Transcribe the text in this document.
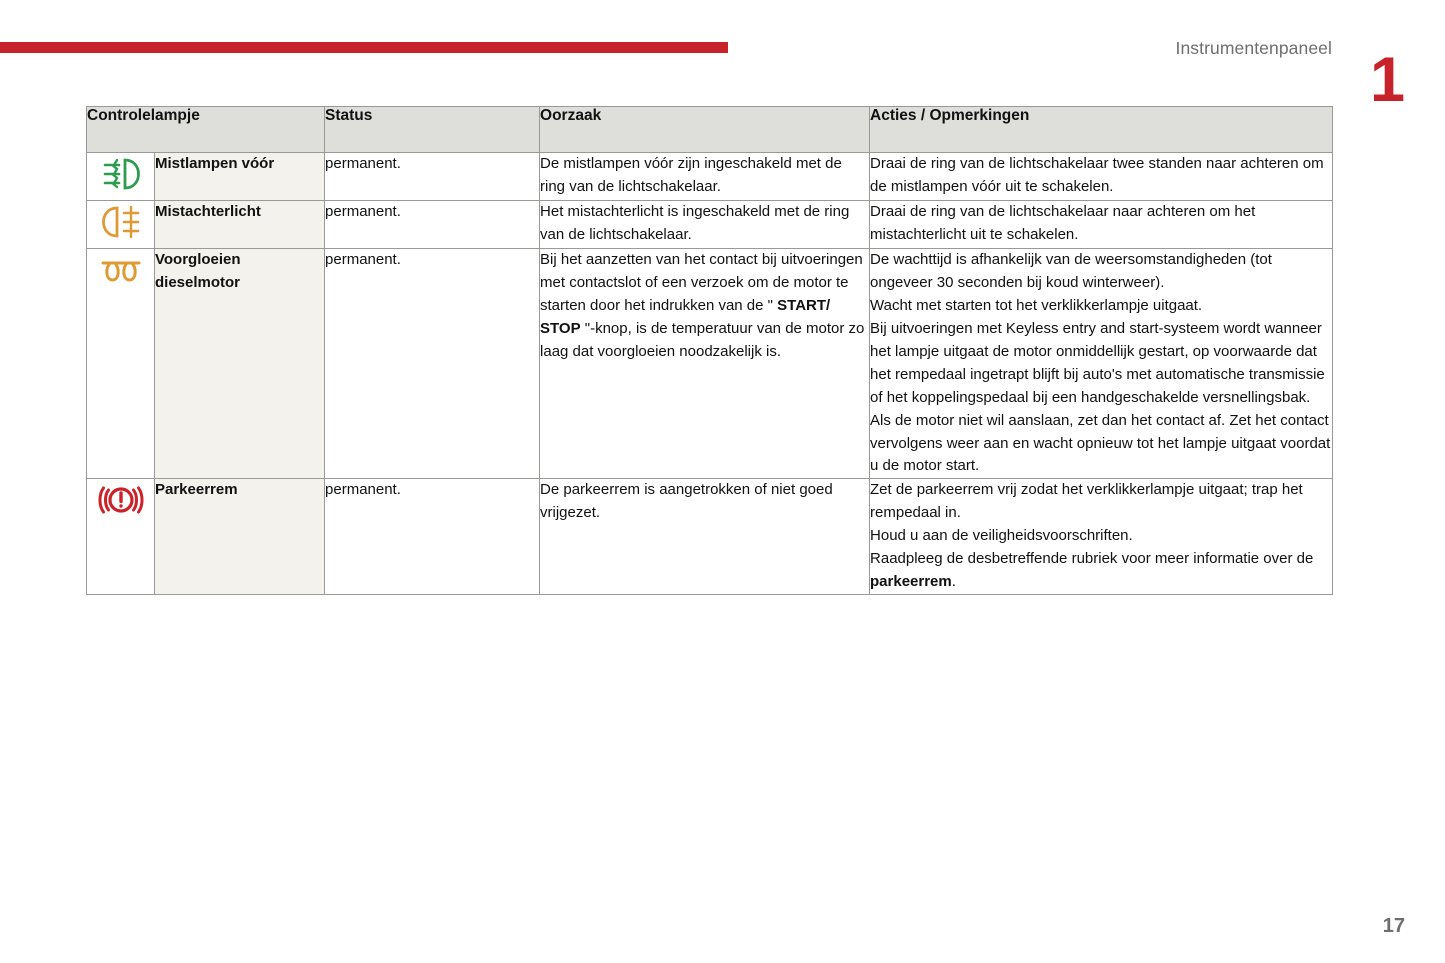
Instrumentenpaneel 1
Controlelampje		Status	Oorzaak	Acties / Opmerkingen
	Mistlampen vóór	permanent.	De mistlampen vóór zijn ingeschakeld met de ring van de lichtschakelaar.	Draai de ring van de lichtschakelaar twee standen naar achteren om de mistlampen vóór uit te schakelen.
	Mistachterlicht	permanent.	Het mistachterlicht is ingeschakeld met de ring van de lichtschakelaar.	Draai de ring van de lichtschakelaar naar achteren om het mistachterlicht uit te schakelen.
	Voorgloeien dieselmotor	permanent.	Bij het aanzetten van het contact bij uitvoeringen met contactslot of een verzoek om de motor te starten door het indrukken van de " START/ STOP "-knop, is de temperatuur van de motor zo laag dat voorgloeien noodzakelijk is.	De wachttijd is afhankelijk van de weersomstandigheden (tot ongeveer 30 seconden bij koud winterweer).
Wacht met starten tot het verklikkerlampje uitgaat.
Bij uitvoeringen met Keyless entry and start-systeem wordt wanneer het lampje uitgaat de motor onmiddellijk gestart, op voorwaarde dat het rempedaal ingetrapt blijft bij auto's met automatische transmissie of het koppelingspedaal bij een handgeschakelde versnellingsbak.
Als de motor niet wil aanslaan, zet dan het contact af. Zet het contact vervolgens weer aan en wacht opnieuw tot het lampje uitgaat voordat u de motor start.
	Parkeerrem	permanent.	De parkeerrem is aangetrokken of niet goed vrijgezet.	Zet de parkeerrem vrij zodat het verklikkerlampje uitgaat; trap het rempedaal in.
Houd u aan de veiligheidsvoorschriften.
Raadpleeg de desbetreffende rubriek voor meer informatie over de parkeerrem.
17
